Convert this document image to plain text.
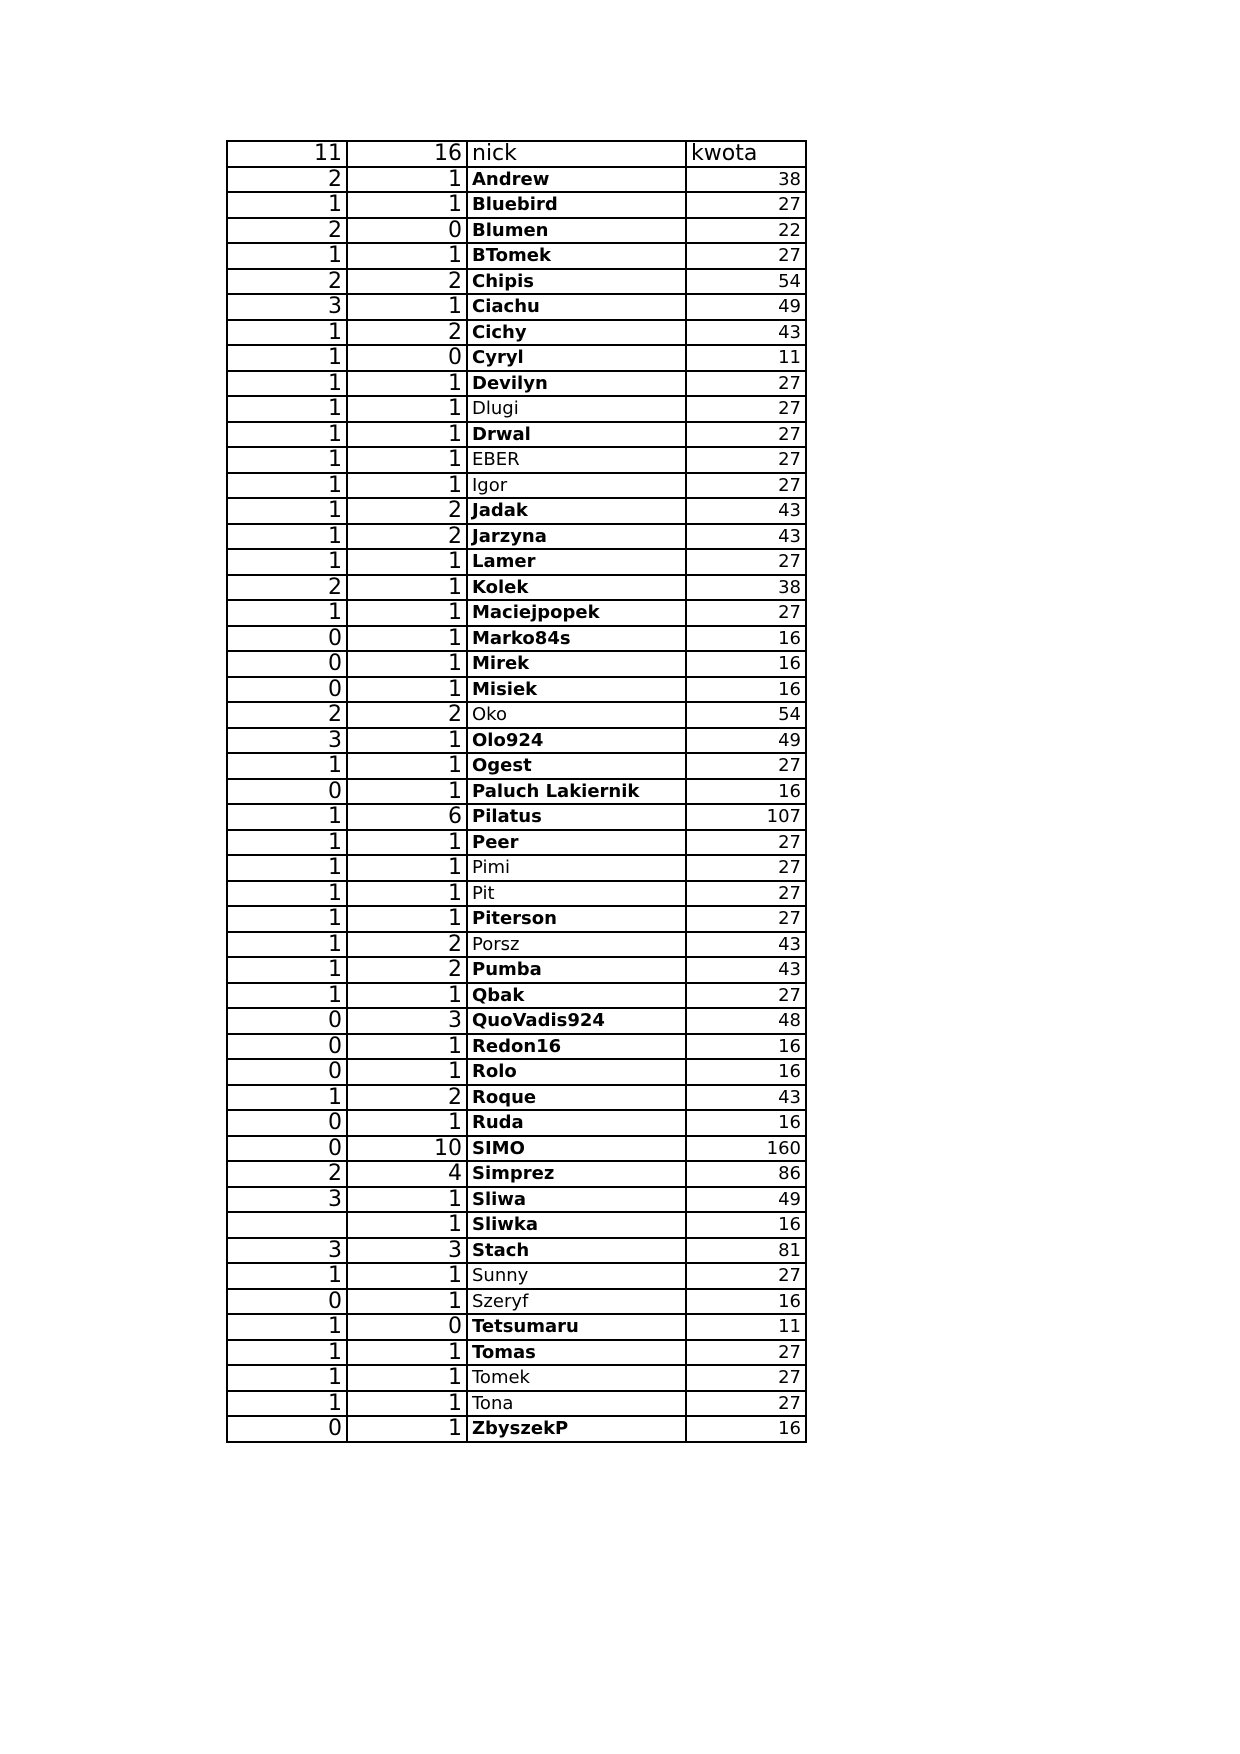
11	16	nick	kwota
2	1	Andrew	38
1	1	Bluebird	27
2	0	Blumen	22
1	1	BTomek	27
2	2	Chipis	54
3	1	Ciachu	49
1	2	Cichy	43
1	0	Cyryl	11
1	1	Devilyn	27
1	1	Dlugi	27
1	1	Drwal	27
1	1	EBER	27
1	1	Igor	27
1	2	Jadak	43
1	2	Jarzyna	43
1	1	Lamer	27
2	1	Kolek	38
1	1	Maciejpopek	27
0	1	Marko84s	16
0	1	Mirek	16
0	1	Misiek	16
2	2	Oko	54
3	1	Olo924	49
1	1	Ogest	27
0	1	Paluch Lakiernik	16
1	6	Pilatus	107
1	1	Peer	27
1	1	Pimi	27
1	1	Pit	27
1	1	Piterson	27
1	2	Porsz	43
1	2	Pumba	43
1	1	Qbak	27
0	3	QuoVadis924	48
0	1	Redon16	16
0	1	Rolo	16
1	2	Roque	43
0	1	Ruda	16
0	10	SIMO	160
2	4	Simprez	86
3	1	Sliwa	49
	1	Sliwka	16
3	3	Stach	81
1	1	Sunny	27
0	1	Szeryf	16
1	0	Tetsumaru	11
1	1	Tomas	27
1	1	Tomek	27
1	1	Tona	27
0	1	ZbyszekP	16
